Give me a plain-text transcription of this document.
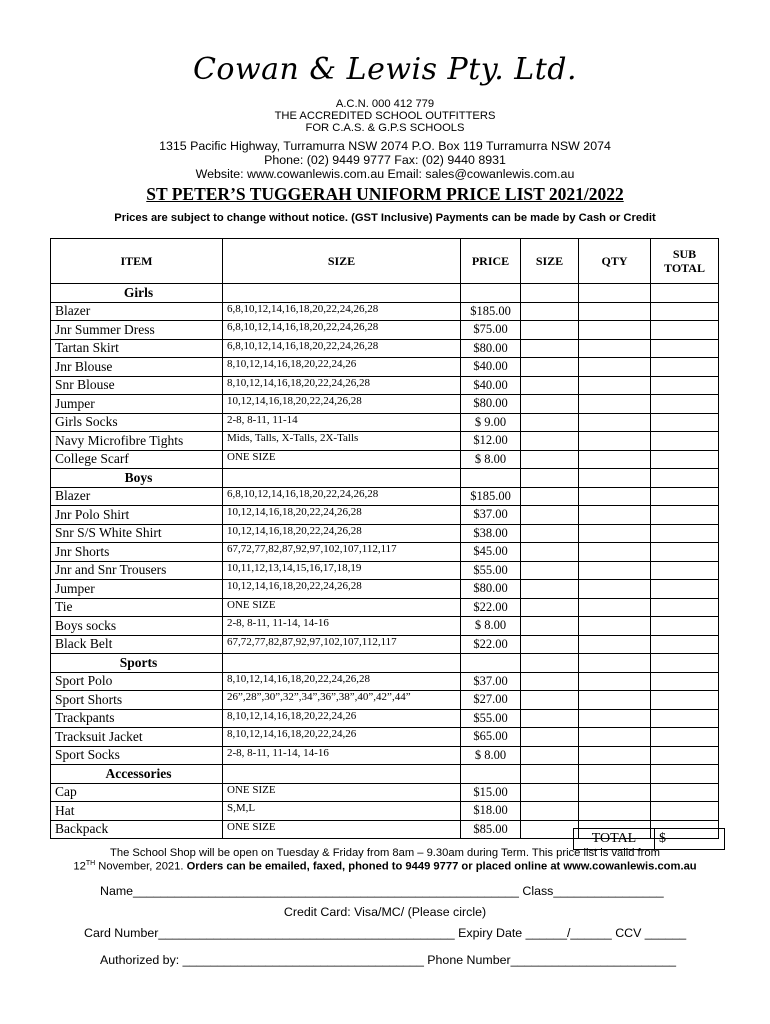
Cowan & Lewis Pty. Ltd.
A.C.N. 000 412 779
THE ACCREDITED SCHOOL OUTFITTERS
FOR C.A.S. & G.P.S SCHOOLS
1315 Pacific Highway, Turramurra NSW 2074 P.O. Box 119 Turramurra NSW 2074
Phone: (02) 9449 9777 Fax: (02) 9440 8931
Website: www.cowanlewis.com.au Email: sales@cowanlewis.com.au
ST PETER’S TUGGERAH UNIFORM PRICE LIST 2021/2022
Prices are subject to change without notice. (GST Inclusive) Payments can be made by Cash or Credit
ITEM	SIZE	PRICE	SIZE	QTY	SUB TOTAL
Girls					
Blazer	6,8,10,12,14,16,18,20,22,24,26,28	$185.00			
Jnr Summer Dress	6,8,10,12,14,16,18,20,22,24,26,28	$75.00			
Tartan Skirt	6,8,10,12,14,16,18,20,22,24,26,28	$80.00			
Jnr Blouse	8,10,12,14,16,18,20,22,24,26	$40.00			
Snr Blouse	8,10,12,14,16,18,20,22,24,26,28	$40.00			
Jumper	10,12,14,16,18,20,22,24,26,28	$80.00			
Girls Socks	2-8, 8-11, 11-14	$ 9.00			
Navy Microfibre Tights	Mids, Talls, X-Talls, 2X-Talls	$12.00			
College Scarf	ONE SIZE	$ 8.00			
Boys					
Blazer	6,8,10,12,14,16,18,20,22,24,26,28	$185.00			
Jnr Polo Shirt	10,12,14,16,18,20,22,24,26,28	$37.00			
Snr S/S White Shirt	10,12,14,16,18,20,22,24,26,28	$38.00			
Jnr Shorts	67,72,77,82,87,92,97,102,107,112,117	$45.00			
Jnr and Snr Trousers	10,11,12,13,14,15,16,17,18,19	$55.00			
Jumper	10,12,14,16,18,20,22,24,26,28	$80.00			
Tie	ONE SIZE	$22.00			
Boys socks	2-8, 8-11, 11-14, 14-16	$ 8.00			
Black Belt	67,72,77,82,87,92,97,102,107,112,117	$22.00			
Sports					
Sport Polo	8,10,12,14,16,18,20,22,24,26,28	$37.00			
Sport Shorts	26”,28”,30”,32”,34”,36”,38”,40”,42”,44”	$27.00			
Trackpants	8,10,12,14,16,18,20,22,24,26	$55.00			
Tracksuit Jacket	8,10,12,14,16,18,20,22,24,26	$65.00			
Sport Socks	2-8, 8-11, 11-14, 14-16	$ 8.00			
Accessories					
Cap	ONE SIZE	$15.00			
Hat	S,M,L	$18.00			
Backpack	ONE SIZE	$85.00			
TOTAL	$
The School Shop will be open on Tuesday & Friday from 8am – 9.30am during Term. This price list is valid from
12TH November, 2021. Orders can be emailed, faxed, phoned to 9449 9777 or placed online at www.cowanlewis.com.au
Name________________________________________________________ Class________________
Credit Card: Visa/MC/ (Please circle)
Card Number___________________________________________ Expiry Date ______/______ CCV ______
Authorized by: ___________________________________ Phone Number________________________
